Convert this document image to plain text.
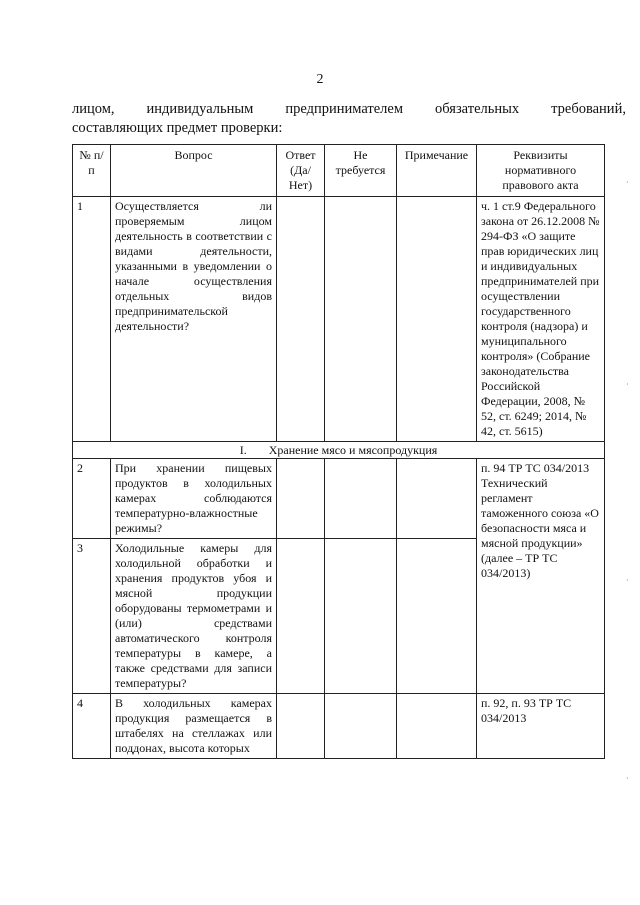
2
лицом, индивидуальным предпринимателем обязательных требований,
составляющих предмет проверки:
№ п/п	Вопрос	Ответ (Да/ Нет)	Не требуется	Примечание	Реквизиты нормативного правового акта
1	Осуществляется ли проверяемым лицом деятельность в соответствии с видами деятельности, указанными в уведомлении о начале осуществления отдельных видов предпринимательской деятельности?				ч. 1 ст.9 Федерального закона от 26.12.2008 № 294-ФЗ «О защите прав юридических лиц и индивидуальных предпринимателей при осуществлении государственного контроля (надзора) и муниципального контроля» (Собрание законодательства Российской Федерации, 2008, № 52, ст. 6249; 2014, № 42, ст. 5615)
I. Хранение мясо и мясопродукция					
2	При хранении пищевых продуктов в холодильных камерах соблюдаются температурно-влажностные режимы?				п. 94 ТР ТС 034/2013 Технический регламент таможенного союза «О безопасности мяса и мясной продукции» (далее – ТР ТС 034/2013)
3	Холодильные камеры для холодильной обработки и хранения продуктов убоя и мясной продукции оборудованы термометрами и (или) средствами автоматического контроля температуры в камере, а также средствами для записи температуры?				
4	В холодильных камерах продукция размещается в штабелях на стеллажах или поддонах, высота которых				п. 92, п. 93 ТР ТС 034/2013
·
·
·
·
